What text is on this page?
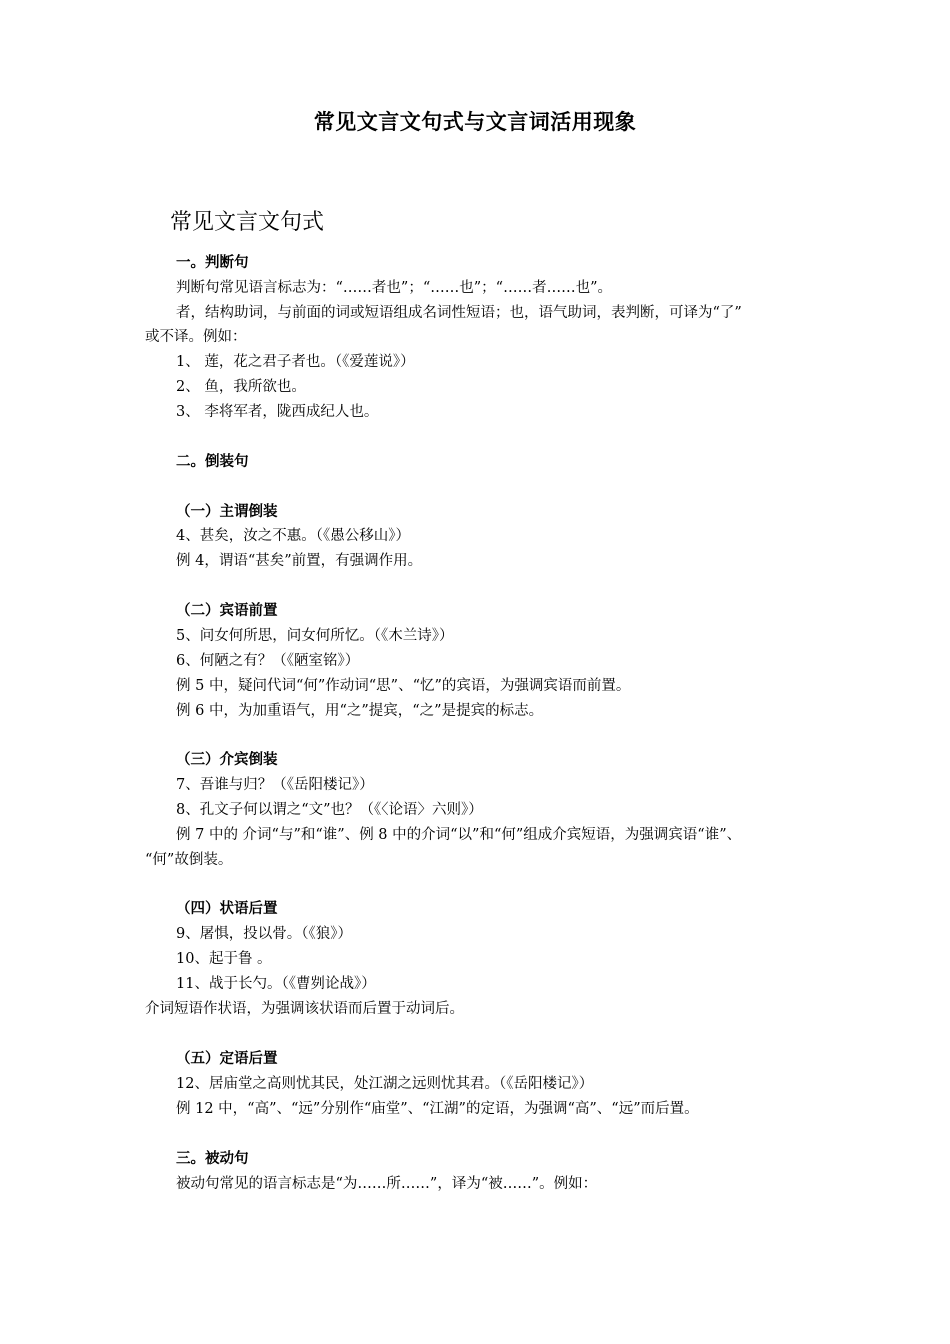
常见文言文句式与文言词活用现象
常见文言文句式
一。判断句
判断句常见语言标志为：“……者也”；“……也”；“……者……也”。
者，结构助词，与前面的词或短语组成名词性短语；也，语气助词，表判断，可译为“了”
或不译。例如：
1、 莲，花之君子者也。（《爱莲说》）
2、 鱼，我所欲也。
3、 李将军者，陇西成纪人也。
二。倒装句
（一）主谓倒装
4、甚矣，汝之不惠。（《愚公移山》）
例 4，谓语“甚矣”前置，有强调作用。
（二）宾语前置
5、问女何所思，问女何所忆。（《木兰诗》）
6、何陋之有？（《陋室铭》）
例 5 中，疑问代词“何”作动词“思”、“忆”的宾语，为强调宾语而前置。
例 6 中，为加重语气，用“之”提宾，“之”是提宾的标志。
（三）介宾倒装
7、吾谁与归？（《岳阳楼记》）
8、孔文子何以谓之“文”也？（《〈论语〉六则》）
例 7 中的 介词“与”和“谁”、例 8 中的介词“以”和“何”组成介宾短语，为强调宾语“谁”、
“何”故倒装。
（四）状语后置
9、屠惧，投以骨。（《狼》）
10、起于鲁 。
11、战于长勺。（《曹刿论战》）
介词短语作状语，为强调该状语而后置于动词后。
（五）定语后置
12、居庙堂之高则忧其民，处江湖之远则忧其君。（《岳阳楼记》）
例 12 中，“高”、“远”分别作“庙堂”、“江湖”的定语，为强调“高”、“远”而后置。
三。被动句
被动句常见的语言标志是“为……所……”，译为“被……”。例如：
